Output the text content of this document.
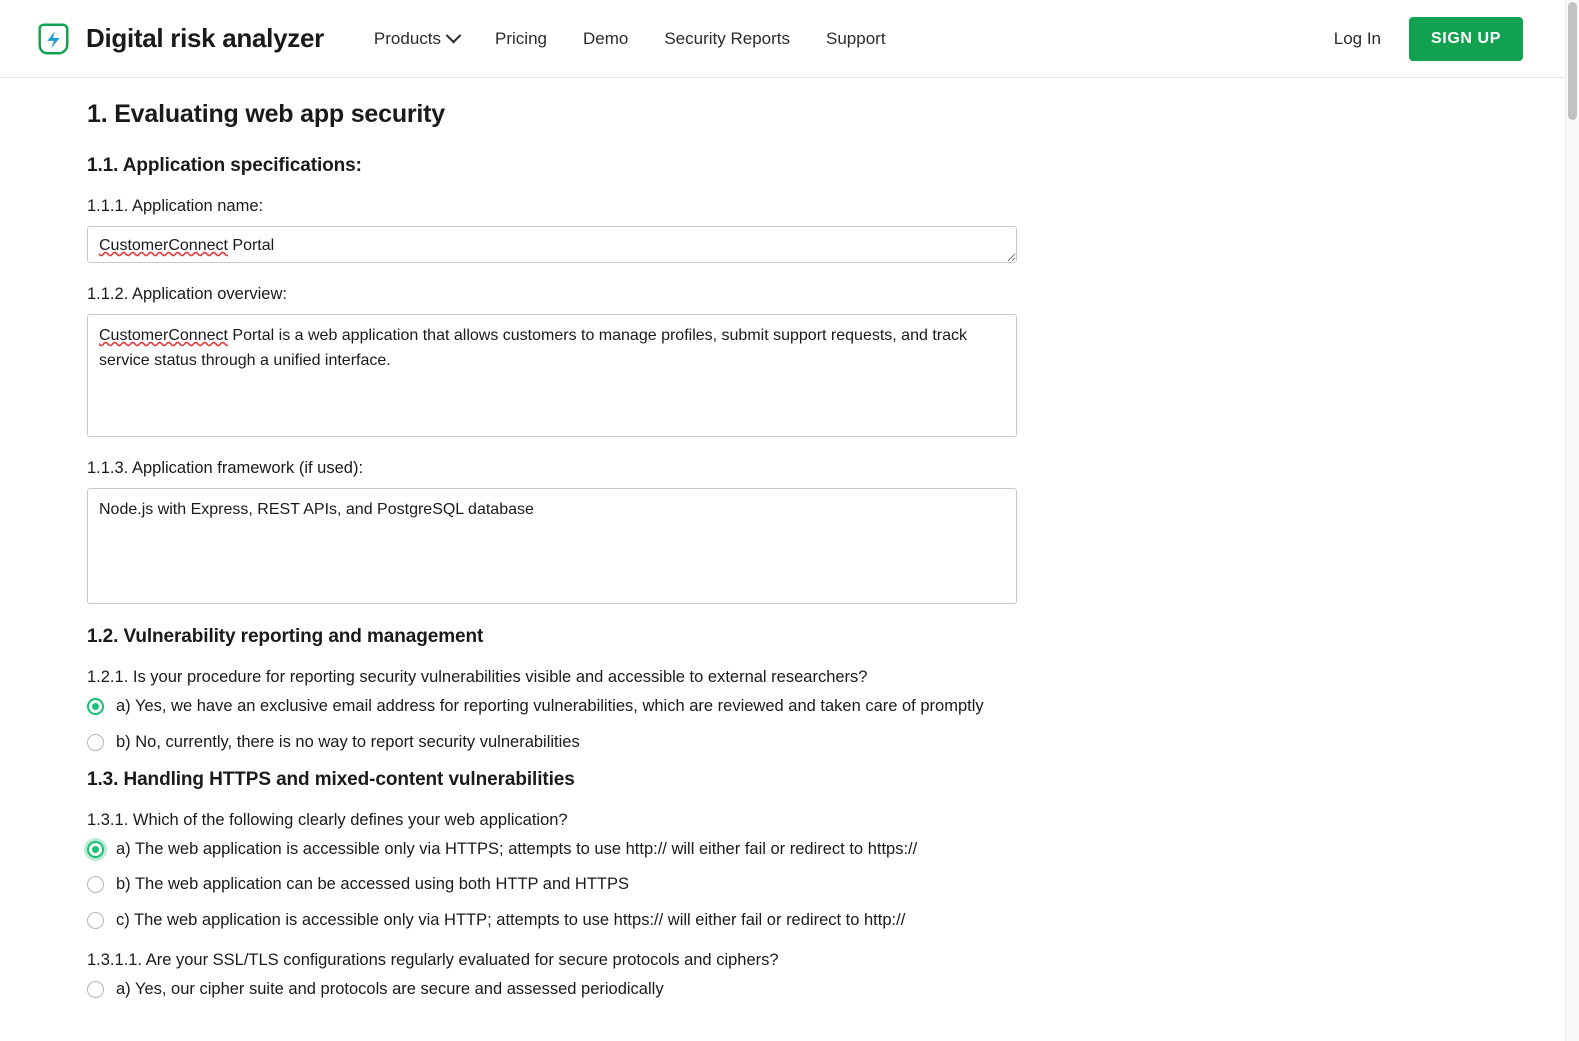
Digital risk analyzer	Products	Pricing Demo Security Reports Support	Log In	SIGN UP
1. Evaluating web app security
1.1. Application specifications:
1.1.1. Application name:
CustomerConnect Portal
1.1.2. Application overview:
CustomerConnect Portal is a web application that allows customers to manage profiles, submit support requests, and track service status through a unified interface.
1.1.3. Application framework (if used):
Node.js with Express, REST APIs, and PostgreSQL database
1.2. Vulnerability reporting and management
1.2.1. Is your procedure for reporting security vulnerabilities visible and accessible to external researchers?
a) Yes, we have an exclusive email address for reporting vulnerabilities, which are reviewed and taken care of promptly
b) No, currently, there is no way to report security vulnerabilities
1.3. Handling HTTPS and mixed-content vulnerabilities
1.3.1. Which of the following clearly defines your web application?
a) The web application is accessible only via HTTPS; attempts to use http:// will either fail or redirect to https://
b) The web application can be accessed using both HTTP and HTTPS
c) The web application is accessible only via HTTP; attempts to use https:// will either fail or redirect to http://
1.3.1.1. Are your SSL/TLS configurations regularly evaluated for secure protocols and ciphers?
a) Yes, our cipher suite and protocols are secure and assessed periodically
